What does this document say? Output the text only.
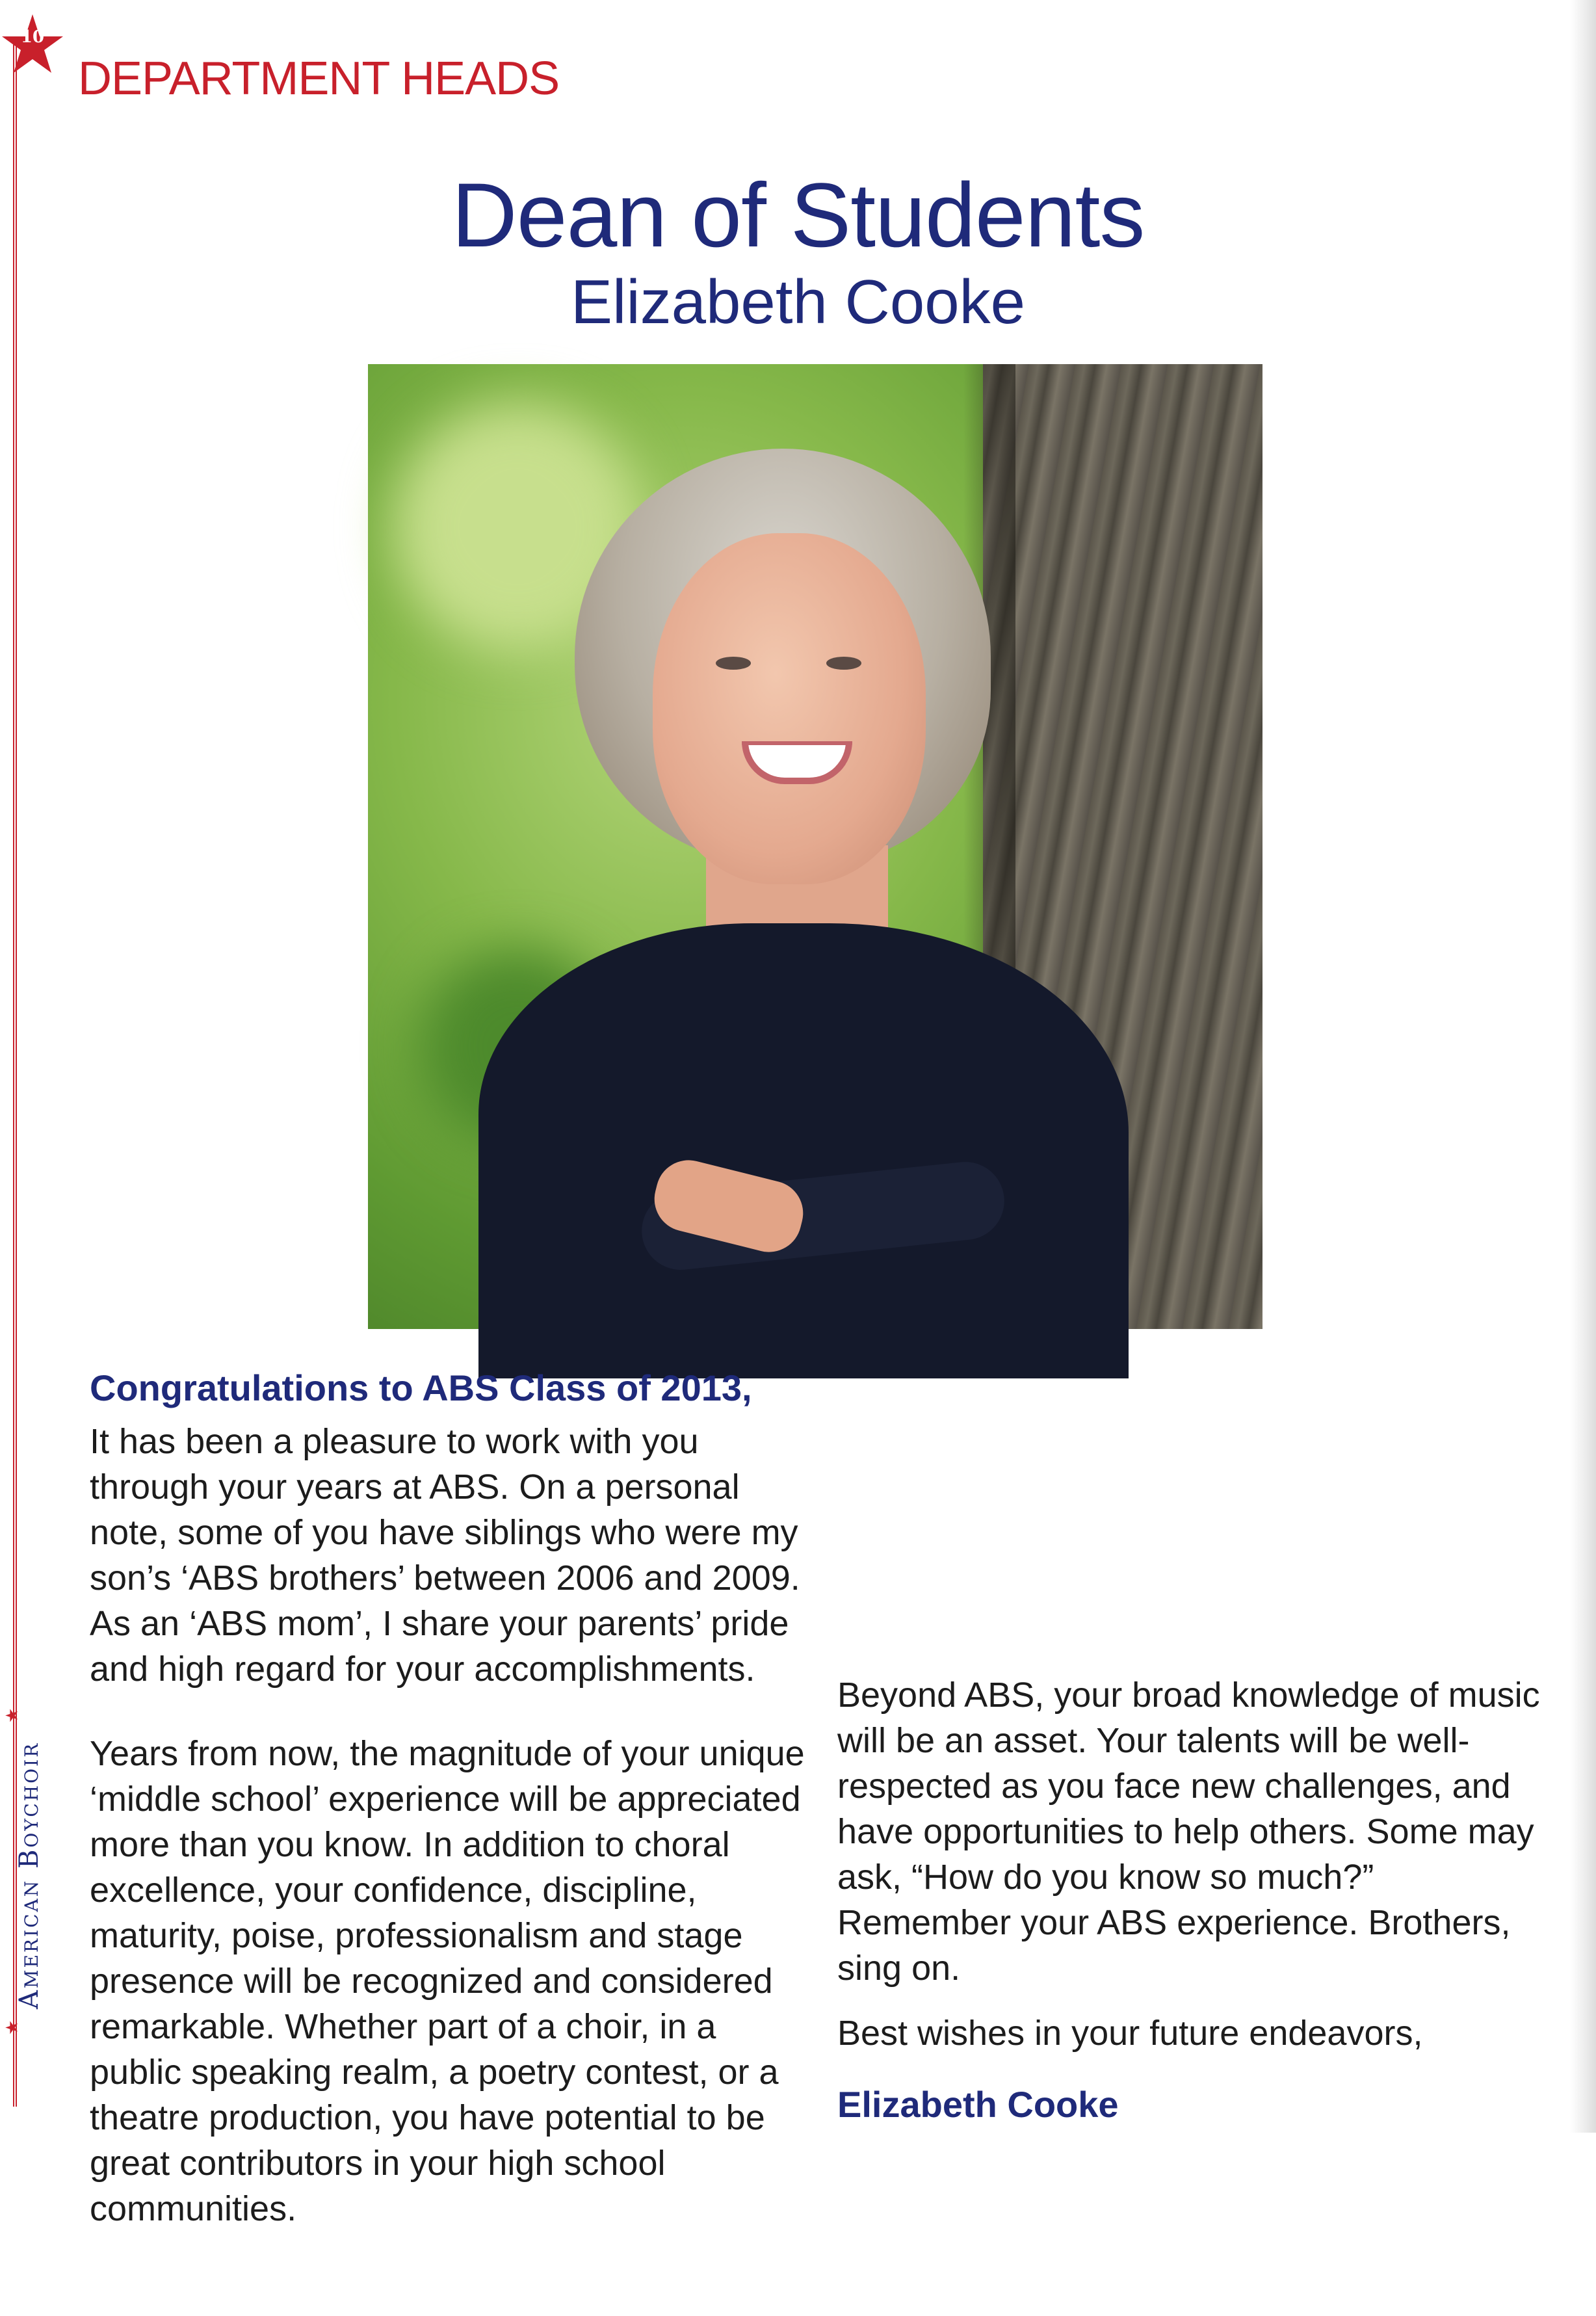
10
DEPARTMENT HEADS
★
American Boychoir
★
Dean of Students
Elizabeth Cooke
Congratulations to ABS Class of 2013,
It has been a pleasure to work with you through your years at ABS. On a personal note, some of you have siblings who were my son’s ‘ABS brothers’ between 2006 and 2009. As an ‘ABS mom’, I share your parents’ pride and high regard for your accomplishments.
Years from now, the magnitude of your unique ‘middle school’ experience will be appreciated more than you know. In addition to choral excellence, your confidence, discipline, maturity, poise, professionalism and stage presence will be recognized and considered remarkable. Whether part of a choir, in a public speaking realm, a poetry contest, or a theatre production, you have potential to be great contributors in your high school communities.
Beyond ABS, your broad knowledge of music will be an asset. Your talents will be well-respected as you face new challenges, and have opportunities to help others. Some may ask, “How do you know so much?” Remember your ABS experience. Brothers, sing on.
Best wishes in your future endeavors,
Elizabeth Cooke
